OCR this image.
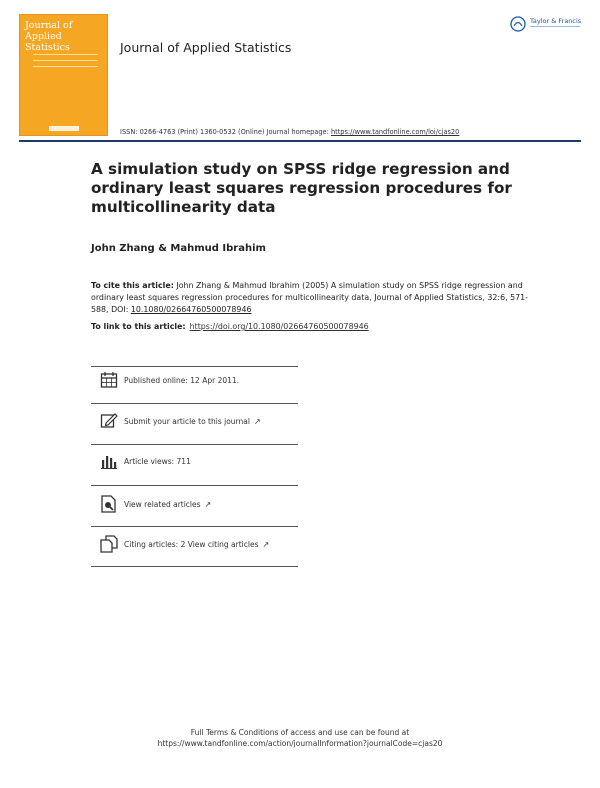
Journal of
Applied Statistics	Journal of Applied Statistics
Taylor & Francis
ISSN: 0266-4763 (Print) 1360-0532 (Online) Journal homepage: https://www.tandfonline.com/loi/cjas20
A simulation study on SPSS ridge regression and ordinary least squares regression procedures for multicollinearity data
John Zhang & Mahmud Ibrahim
To cite this article: John Zhang & Mahmud Ibrahim (2005) A simulation study on SPSS ridge regression and ordinary least squares regression procedures for multicollinearity data, Journal of Applied Statistics, 32:6, 571-588, DOI: 10.1080/02664760500078946
To link to this article: https://doi.org/10.1080/02664760500078946
Published online: 12 Apr 2011.
Submit your article to this journal ↗
Article views: 711
View related articles ↗
Citing articles: 2 View citing articles ↗
Full Terms & Conditions of access and use can be found at
https://www.tandfonline.com/action/journalInformation?journalCode=cjas20
